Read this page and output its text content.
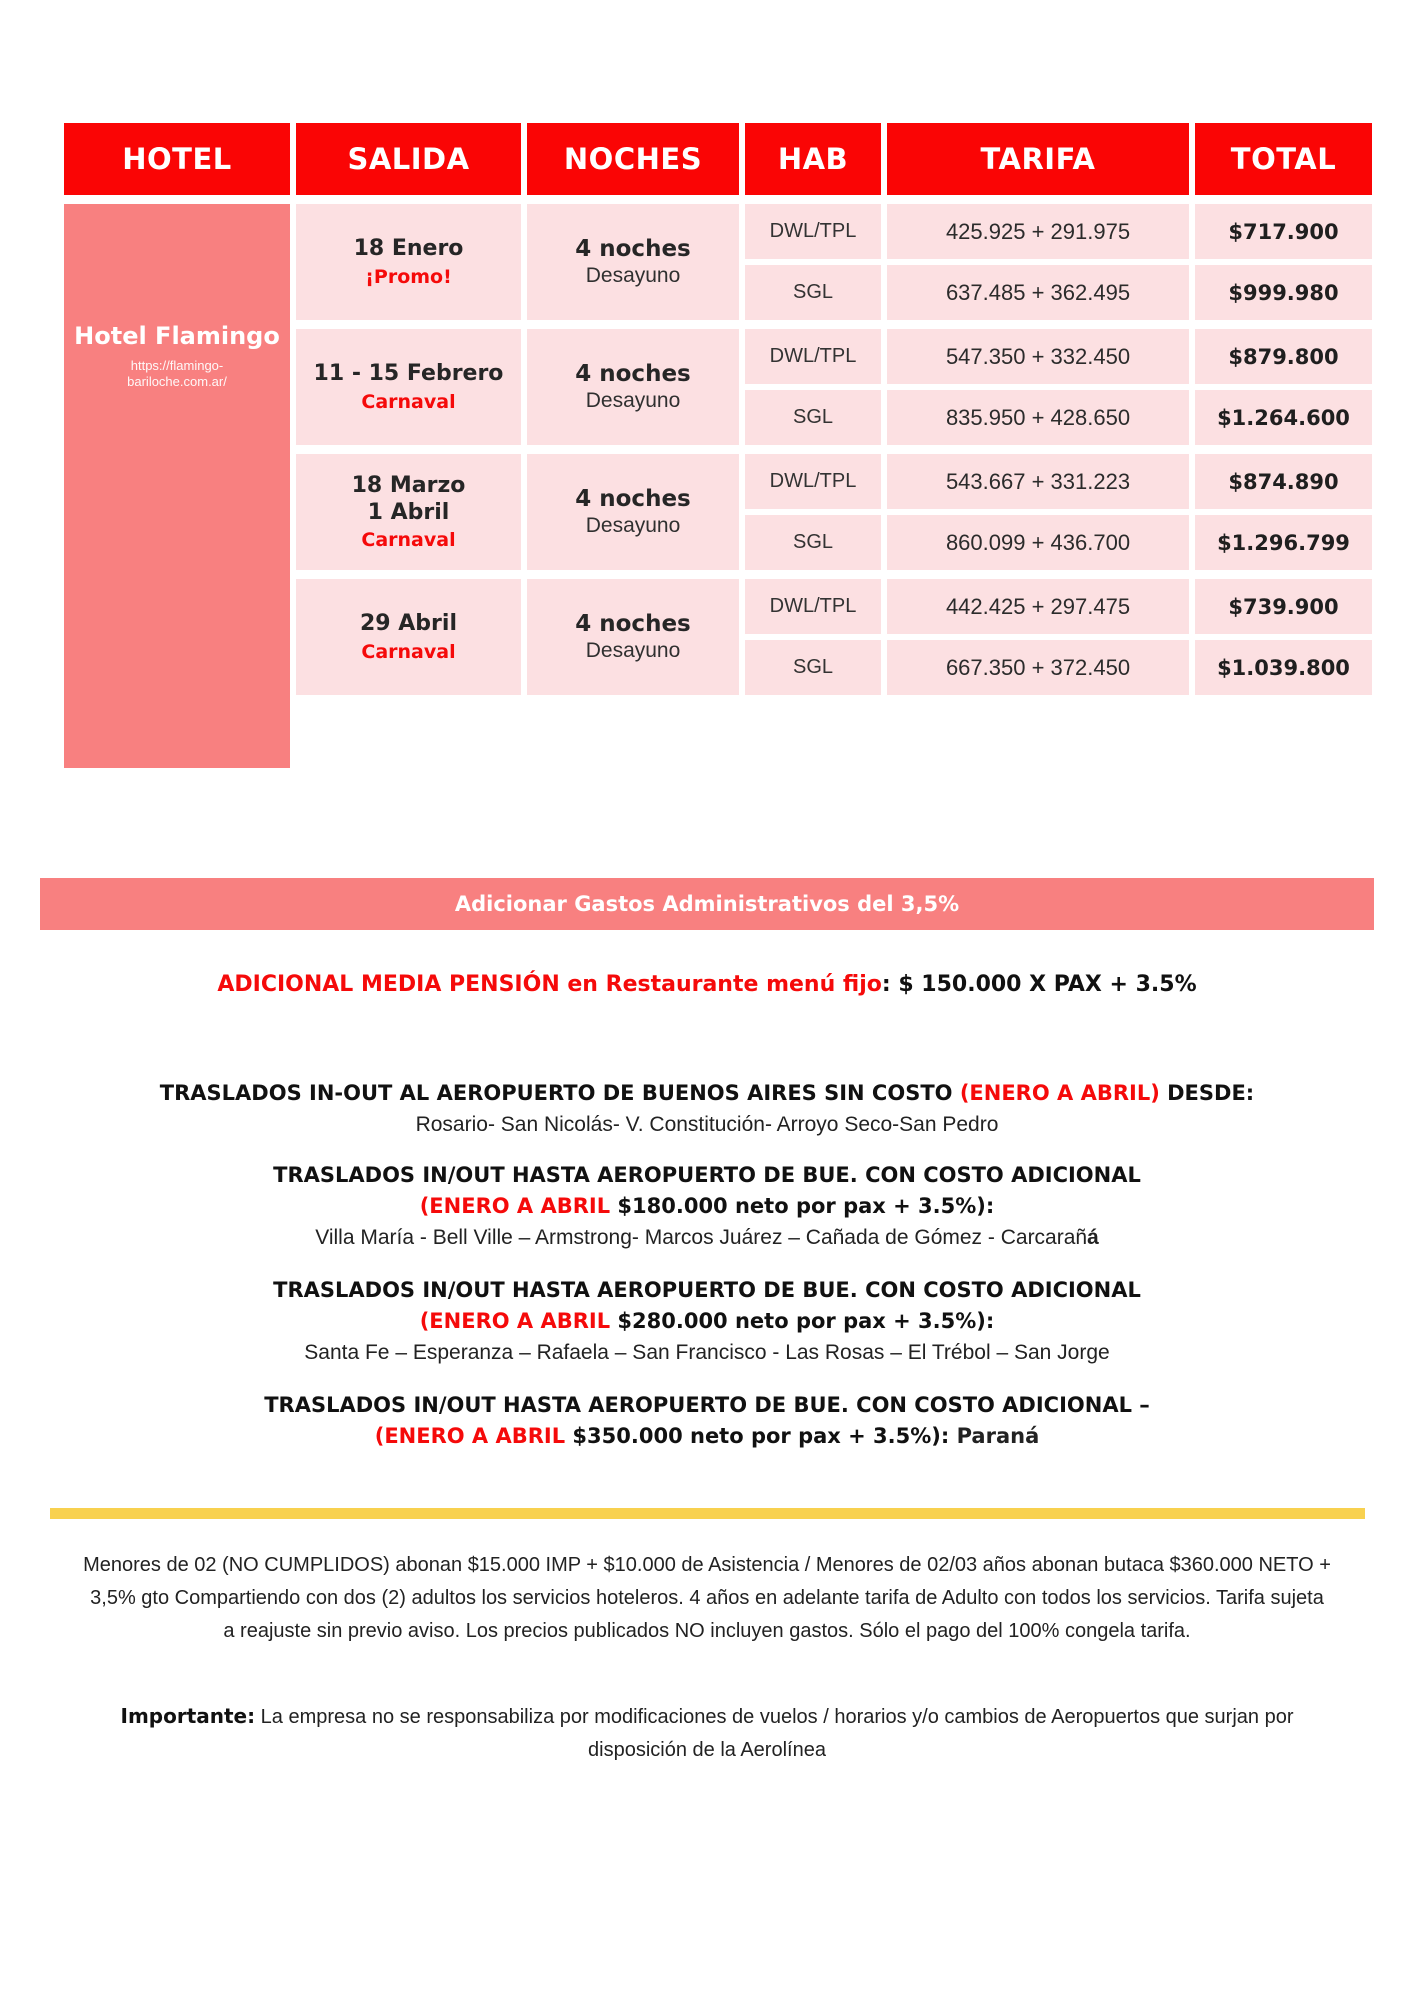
HOTEL	SALIDA	NOCHES	HAB	TARIFA	TOTAL
Hotel Flamingo
https://flamingo-bariloche.com.ar/
18 Enero
¡Promo!
4 noches
Desayuno
DWL/TPL	425.925 + 291.975	$717.900
SGL	637.485 + 362.495	$999.980
11 - 15 Febrero
Carnaval
4 noches
Desayuno
DWL/TPL	547.350 + 332.450	$879.800
SGL	835.950 + 428.650	$1.264.600
18 Marzo
1 Abril
Carnaval
4 noches
Desayuno
DWL/TPL	543.667 + 331.223	$874.890
SGL	860.099 + 436.700	$1.296.799
29 Abril
Carnaval
4 noches
Desayuno
DWL/TPL	442.425 + 297.475	$739.900
SGL	667.350 + 372.450	$1.039.800
Adicionar Gastos Administrativos del 3,5%
ADICIONAL MEDIA PENSIÓN en Restaurante menú fijo: $ 150.000 X PAX + 3.5%
TRASLADOS IN-OUT AL AEROPUERTO DE BUENOS AIRES SIN COSTO (ENERO A ABRIL) DESDE:
Rosario- San Nicolás- V. Constitución- Arroyo Seco-San Pedro
TRASLADOS IN/OUT HASTA AEROPUERTO DE BUE. CON COSTO ADICIONAL
(ENERO A ABRIL $180.000 neto por pax + 3.5%):
Villa María - Bell Ville – Armstrong- Marcos Juárez – Cañada de Gómez - Carcarañá
TRASLADOS IN/OUT HASTA AEROPUERTO DE BUE. CON COSTO ADICIONAL
(ENERO A ABRIL $280.000 neto por pax + 3.5%):
Santa Fe – Esperanza – Rafaela – San Francisco - Las Rosas – El Trébol – San Jorge
TRASLADOS IN/OUT HASTA AEROPUERTO DE BUE. CON COSTO ADICIONAL –
(ENERO A ABRIL $350.000 neto por pax + 3.5%): Paraná
Menores de 02 (NO CUMPLIDOS) abonan $15.000 IMP + $10.000 de Asistencia / Menores de 02/03 años abonan butaca $360.000 NETO + 3,5% gto Compartiendo con dos (2) adultos los servicios hoteleros. 4 años en adelante tarifa de Adulto con todos los servicios. Tarifa sujeta a reajuste sin previo aviso. Los precios publicados NO incluyen gastos. Sólo el pago del 100% congela tarifa.
Importante: La empresa no se responsabiliza por modificaciones de vuelos / horarios y/o cambios de Aeropuertos que surjan por disposición de la Aerolínea
